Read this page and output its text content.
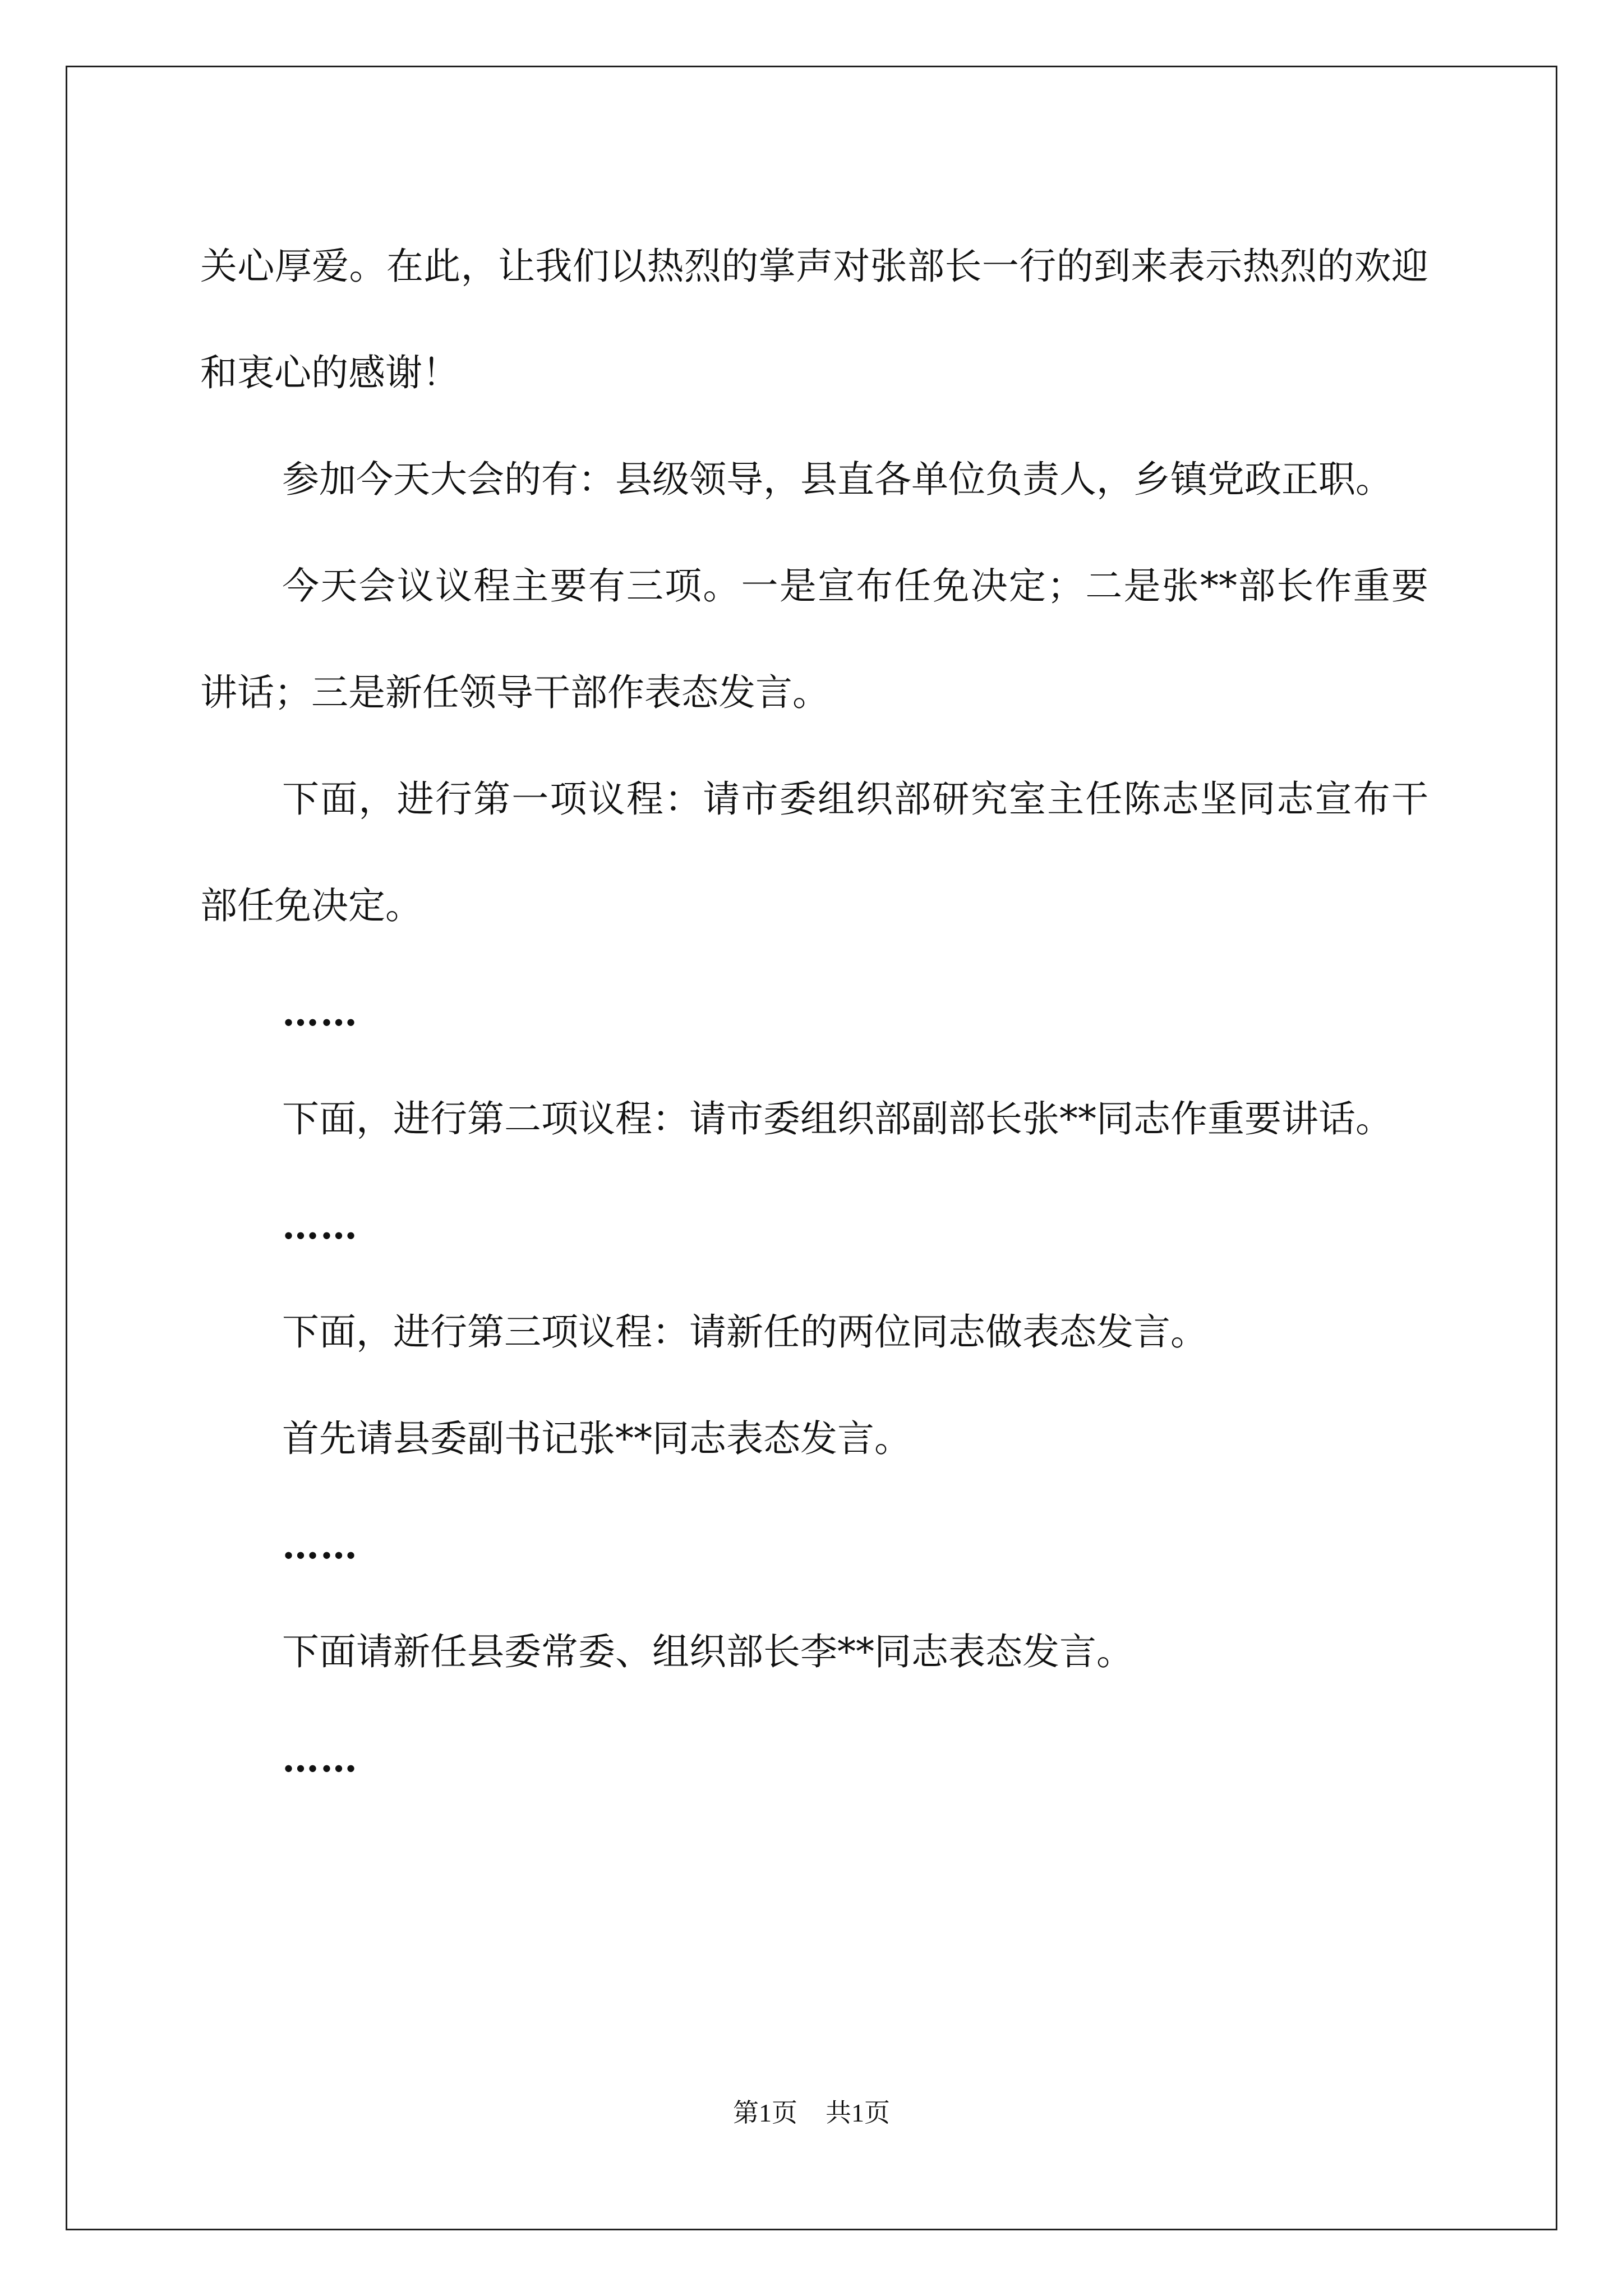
关心厚爱。在此，让我们以热烈的掌声对张部长一行的到来表示热烈的欢迎和衷心的感谢！

参加今天大会的有：县级领导，县直各单位负责人，乡镇党政正职。

今天会议议程主要有三项。一是宣布任免决定；二是张**部长作重要讲话；三是新任领导干部作表态发言。

下面，进行第一项议程：请市委组织部研究室主任陈志坚同志宣布干部任免决定。

……

下面，进行第二项议程：请市委组织部副部长张**同志作重要讲话。

……

下面，进行第三项议程：请新任的两位同志做表态发言。

首先请县委副书记张**同志表态发言。

……

下面请新任县委常委、组织部长李**同志表态发言。

……

第1页 共1页
